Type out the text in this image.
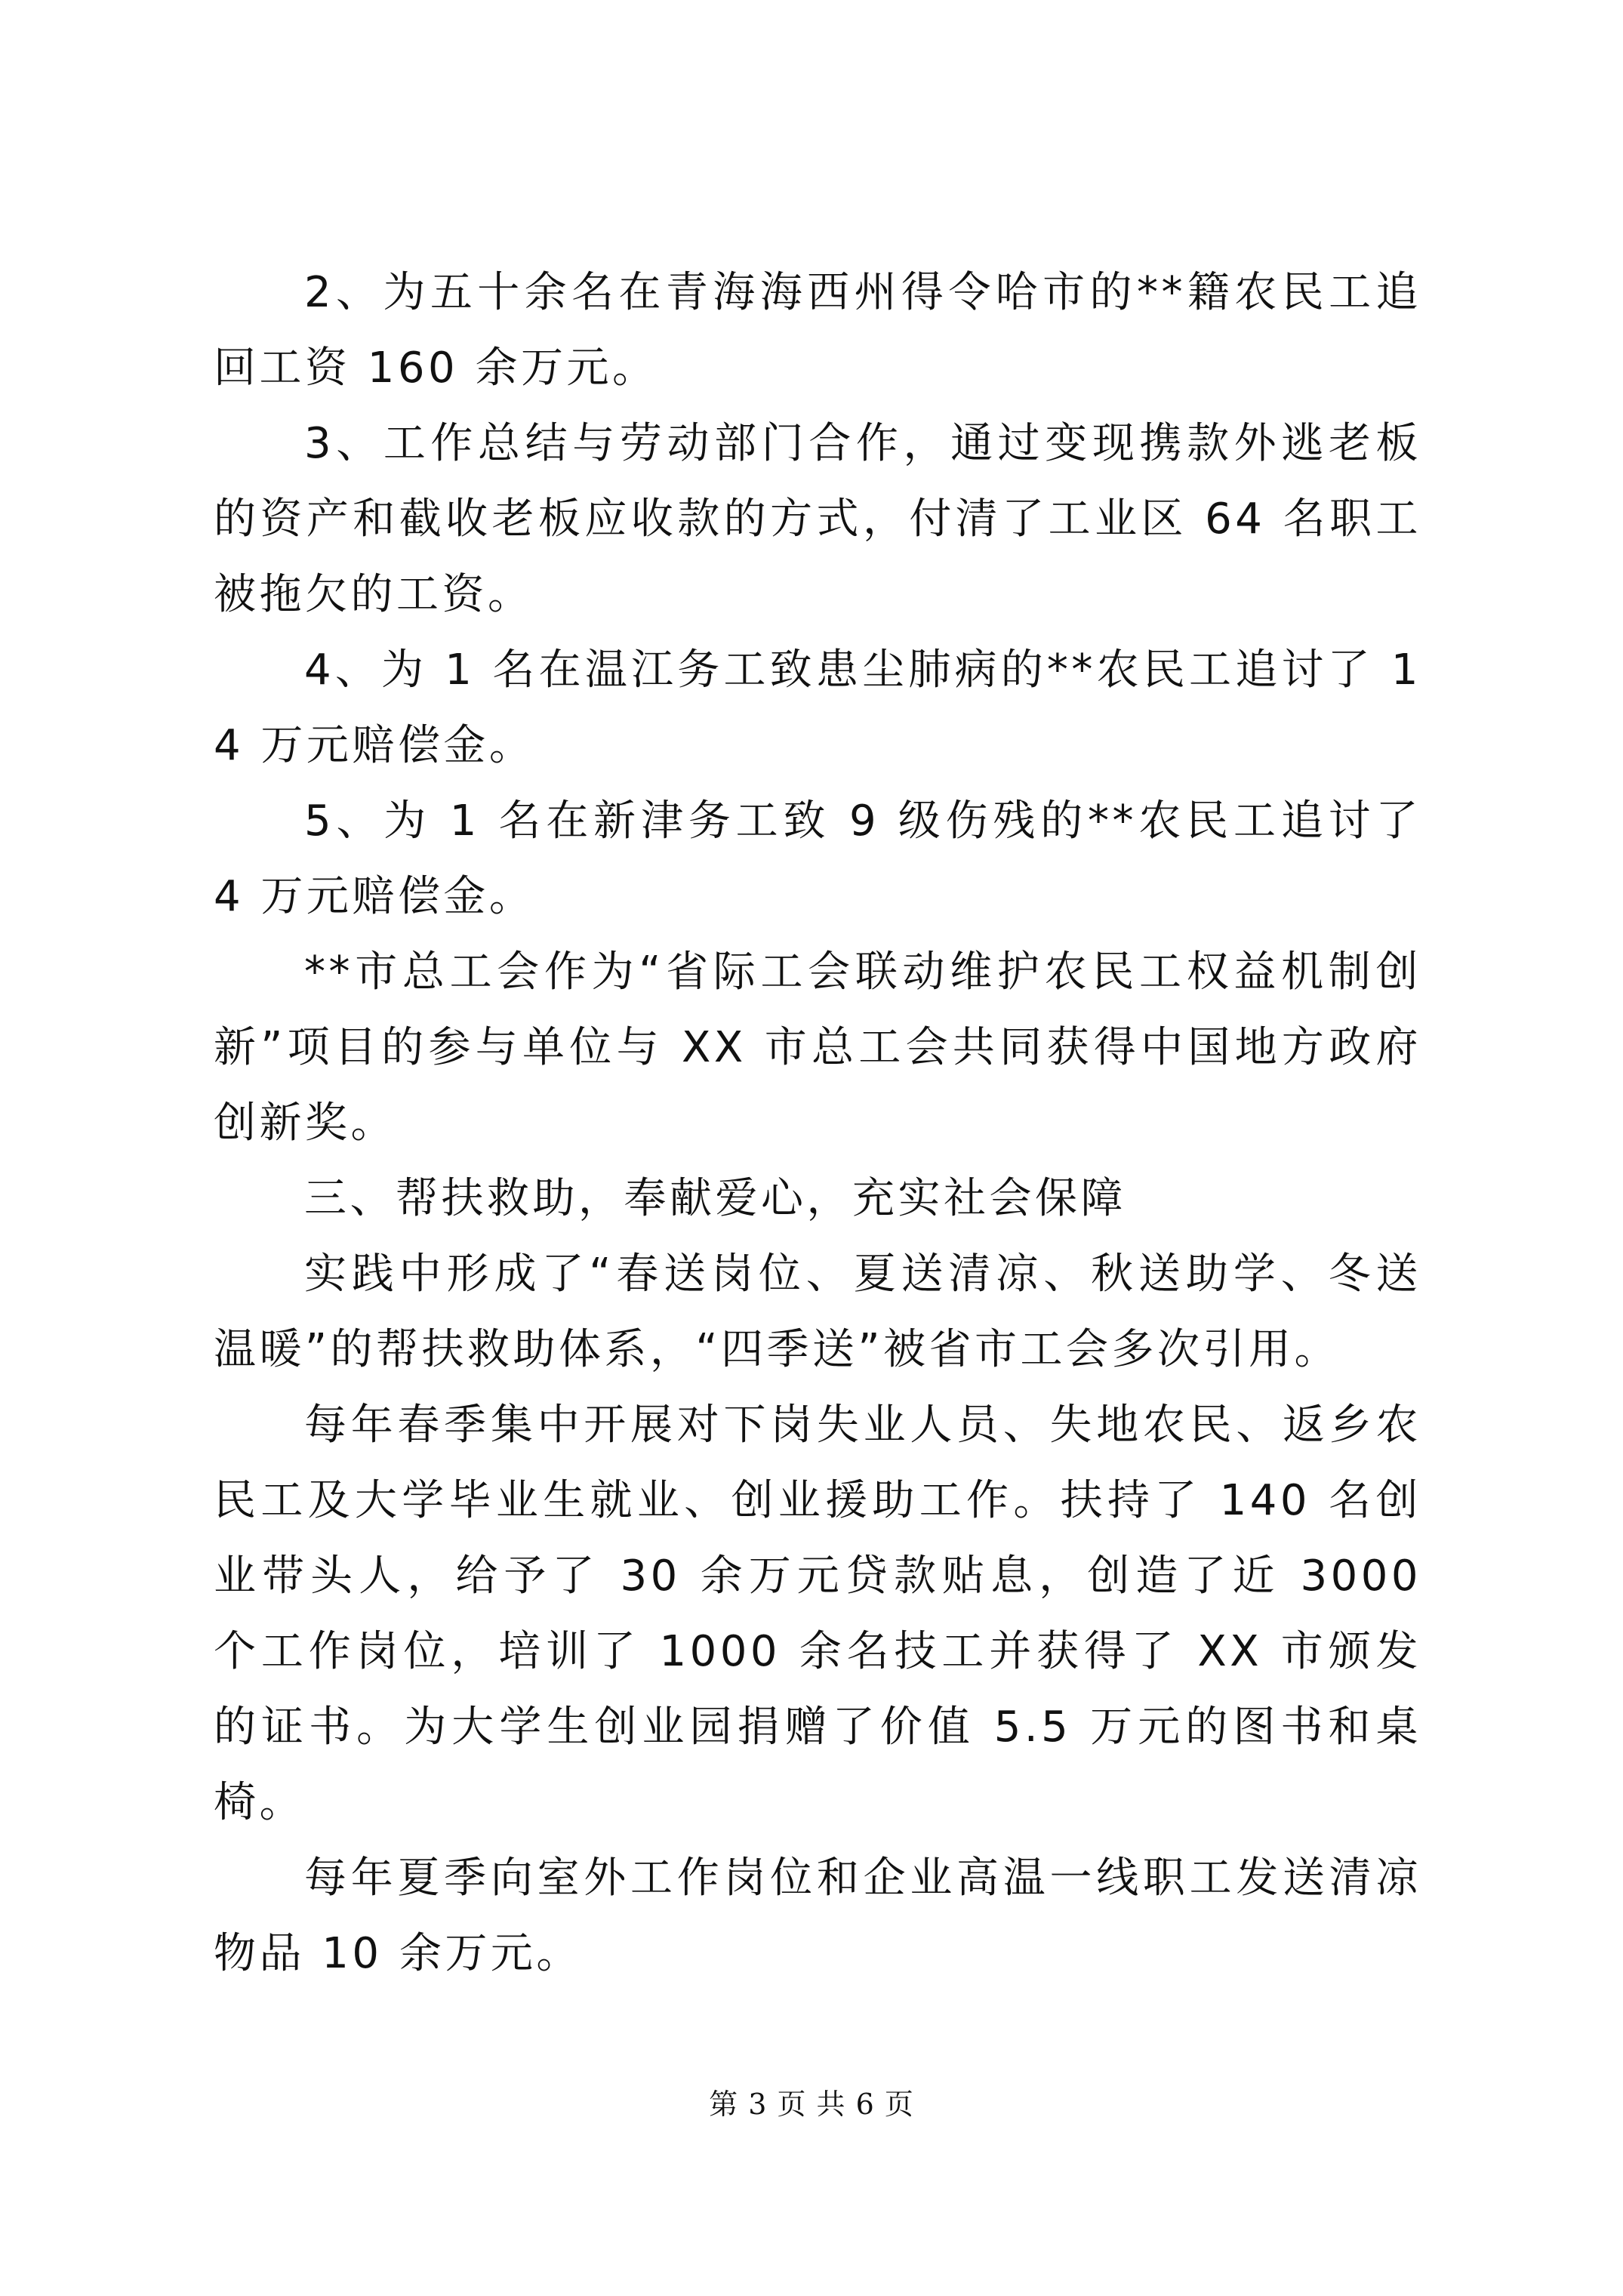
2、为五十余名在青海海西州得令哈市的**籍农民工追回工资 160 余万元。

3、工作总结与劳动部门合作，通过变现携款外逃老板的资产和截收老板应收款的方式，付清了工业区 64 名职工被拖欠的工资。

4、为 1 名在温江务工致患尘肺病的**农民工追讨了 14 万元赔偿金。

5、为 1 名在新津务工致 9 级伤残的**农民工追讨了 4 万元赔偿金。

**市总工会作为“省际工会联动维护农民工权益机制创新”项目的参与单位与 XX 市总工会共同获得中国地方政府创新奖。

三、帮扶救助，奉献爱心，充实社会保障

实践中形成了“春送岗位、夏送清凉、秋送助学、冬送温暖”的帮扶救助体系，“四季送”被省市工会多次引用。

每年春季集中开展对下岗失业人员、失地农民、返乡农民工及大学毕业生就业、创业援助工作。扶持了 140 名创业带头人，给予了 30 余万元贷款贴息，创造了近 3000 个工作岗位，培训了 1000 余名技工并获得了 XX 市颁发的证书。为大学生创业园捐赠了价值 5.5 万元的图书和桌椅。

每年夏季向室外工作岗位和企业高温一线职工发送清凉物品 10 余万元。

第 3 页 共 6 页
